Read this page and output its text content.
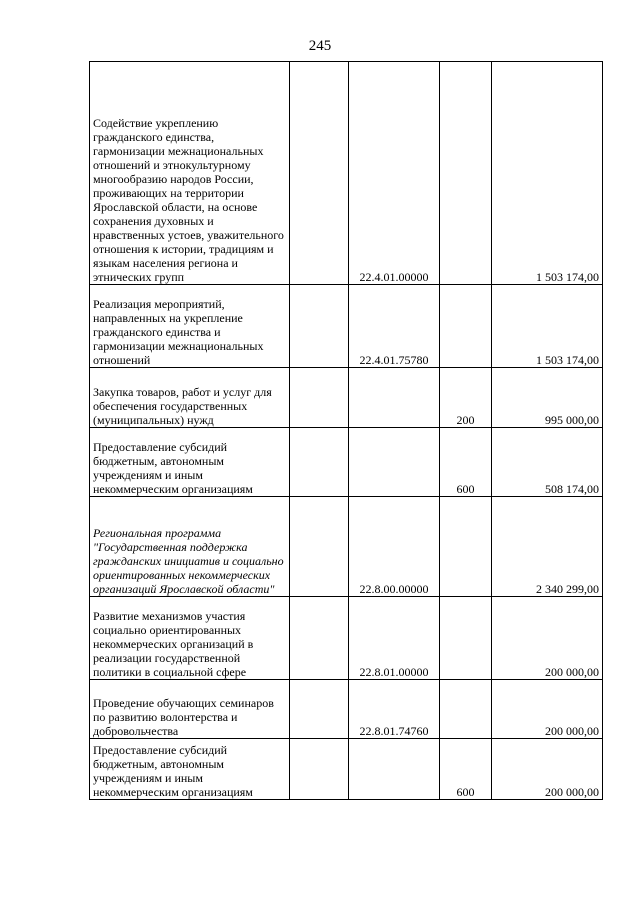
245
Содействие укреплению гражданского единства, гармонизации межнациональных отношений и этнокультурному многообразию народов России, проживающих на территории Ярославской области, на основе сохранения духовных и нравственных устоев, уважительного отношения к истории, традициям и языкам населения региона и этнических групп		22.4.01.00000		1 503 174,00
Реализация мероприятий, направленных на укрепление гражданского единства и гармонизации межнациональных отношений		22.4.01.75780		1 503 174,00
Закупка товаров, работ и услуг для обеспечения государственных (муниципальных) нужд			200	995 000,00
Предоставление субсидий бюджетным, автономным учреждениям и иным некоммерческим организациям			600	508 174,00
Региональная программа "Государственная поддержка гражданских инициатив и социально ориентированных некоммерческих организаций Ярославской области"		22.8.00.00000		2 340 299,00
Развитие механизмов участия социально ориентированных некоммерческих организаций в реализации государственной политики в социальной сфере		22.8.01.00000		200 000,00
Проведение обучающих семинаров по развитию волонтерства и добровольчества		22.8.01.74760		200 000,00
Предоставление субсидий бюджетным, автономным учреждениям и иным некоммерческим организациям			600	200 000,00
